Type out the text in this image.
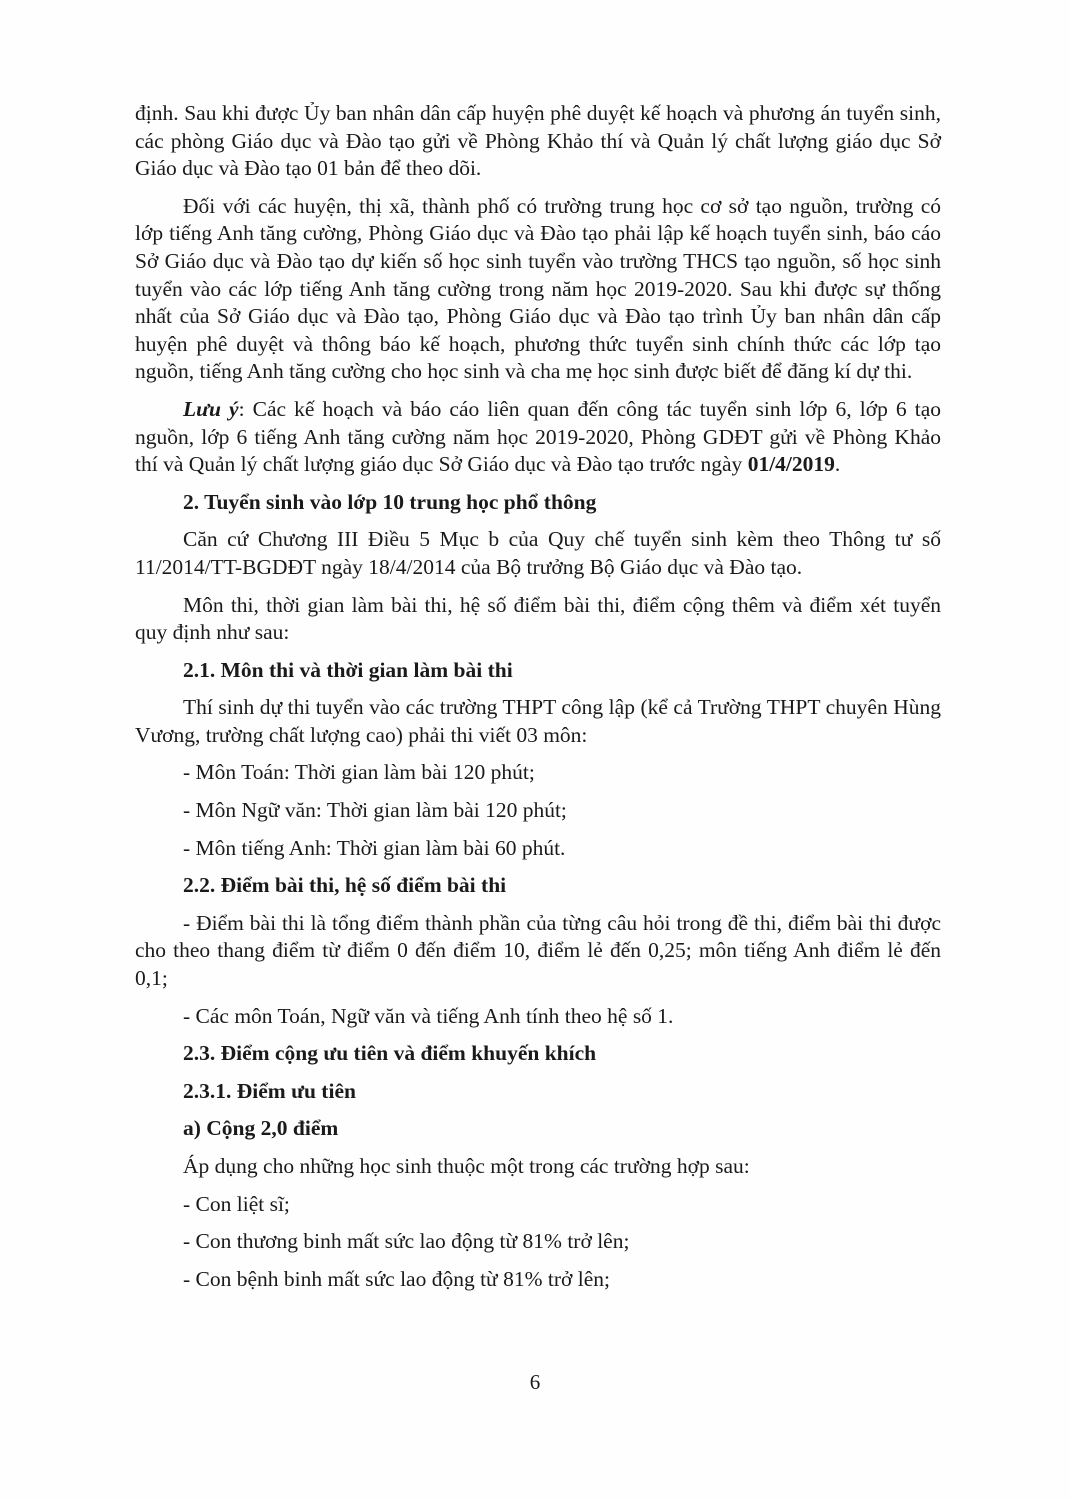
định. Sau khi được Ủy ban nhân dân cấp huyện phê duyệt kế hoạch và phương án tuyển sinh, các phòng Giáo dục và Đào tạo gửi về Phòng Khảo thí và Quản lý chất lượng giáo dục Sở Giáo dục và Đào tạo 01 bản để theo dõi.

Đối với các huyện, thị xã, thành phố có trường trung học cơ sở tạo nguồn, trường có lớp tiếng Anh tăng cường, Phòng Giáo dục và Đào tạo phải lập kế hoạch tuyển sinh, báo cáo Sở Giáo dục và Đào tạo dự kiến số học sinh tuyển vào trường THCS tạo nguồn, số học sinh tuyển vào các lớp tiếng Anh tăng cường trong năm học 2019-2020. Sau khi được sự thống nhất của Sở Giáo dục và Đào tạo, Phòng Giáo dục và Đào tạo trình Ủy ban nhân dân cấp huyện phê duyệt và thông báo kế hoạch, phương thức tuyển sinh chính thức các lớp tạo nguồn, tiếng Anh tăng cường cho học sinh và cha mẹ học sinh được biết để đăng kí dự thi.

Lưu ý: Các kế hoạch và báo cáo liên quan đến công tác tuyển sinh lớp 6, lớp 6 tạo nguồn, lớp 6 tiếng Anh tăng cường năm học 2019-2020, Phòng GDĐT gửi về Phòng Khảo thí và Quản lý chất lượng giáo dục Sở Giáo dục và Đào tạo trước ngày 01/4/2019.

2. Tuyển sinh vào lớp 10 trung học phổ thông

Căn cứ Chương III Điều 5 Mục b của Quy chế tuyển sinh kèm theo Thông tư số 11/2014/TT-BGDĐT ngày 18/4/2014 của Bộ trưởng Bộ Giáo dục và Đào tạo.

Môn thi, thời gian làm bài thi, hệ số điểm bài thi, điểm cộng thêm và điểm xét tuyển quy định như sau:

2.1. Môn thi và thời gian làm bài thi

Thí sinh dự thi tuyển vào các trường THPT công lập (kể cả Trường THPT chuyên Hùng Vương, trường chất lượng cao) phải thi viết 03 môn:

- Môn Toán: Thời gian làm bài 120 phút;

- Môn Ngữ văn: Thời gian làm bài 120 phút;

- Môn tiếng Anh: Thời gian làm bài 60 phút.

2.2. Điểm bài thi, hệ số điểm bài thi

- Điểm bài thi là tổng điểm thành phần của từng câu hỏi trong đề thi, điểm bài thi được cho theo thang điểm từ điểm 0 đến điểm 10, điểm lẻ đến 0,25; môn tiếng Anh điểm lẻ đến 0,1;

- Các môn Toán, Ngữ văn và tiếng Anh tính theo hệ số 1.

2.3. Điểm cộng ưu tiên và điểm khuyến khích

2.3.1. Điểm ưu tiên

a) Cộng 2,0 điểm

Áp dụng cho những học sinh thuộc một trong các trường hợp sau:

- Con liệt sĩ;

- Con thương binh mất sức lao động từ 81% trở lên;

- Con bệnh binh mất sức lao động từ 81% trở lên;

6
